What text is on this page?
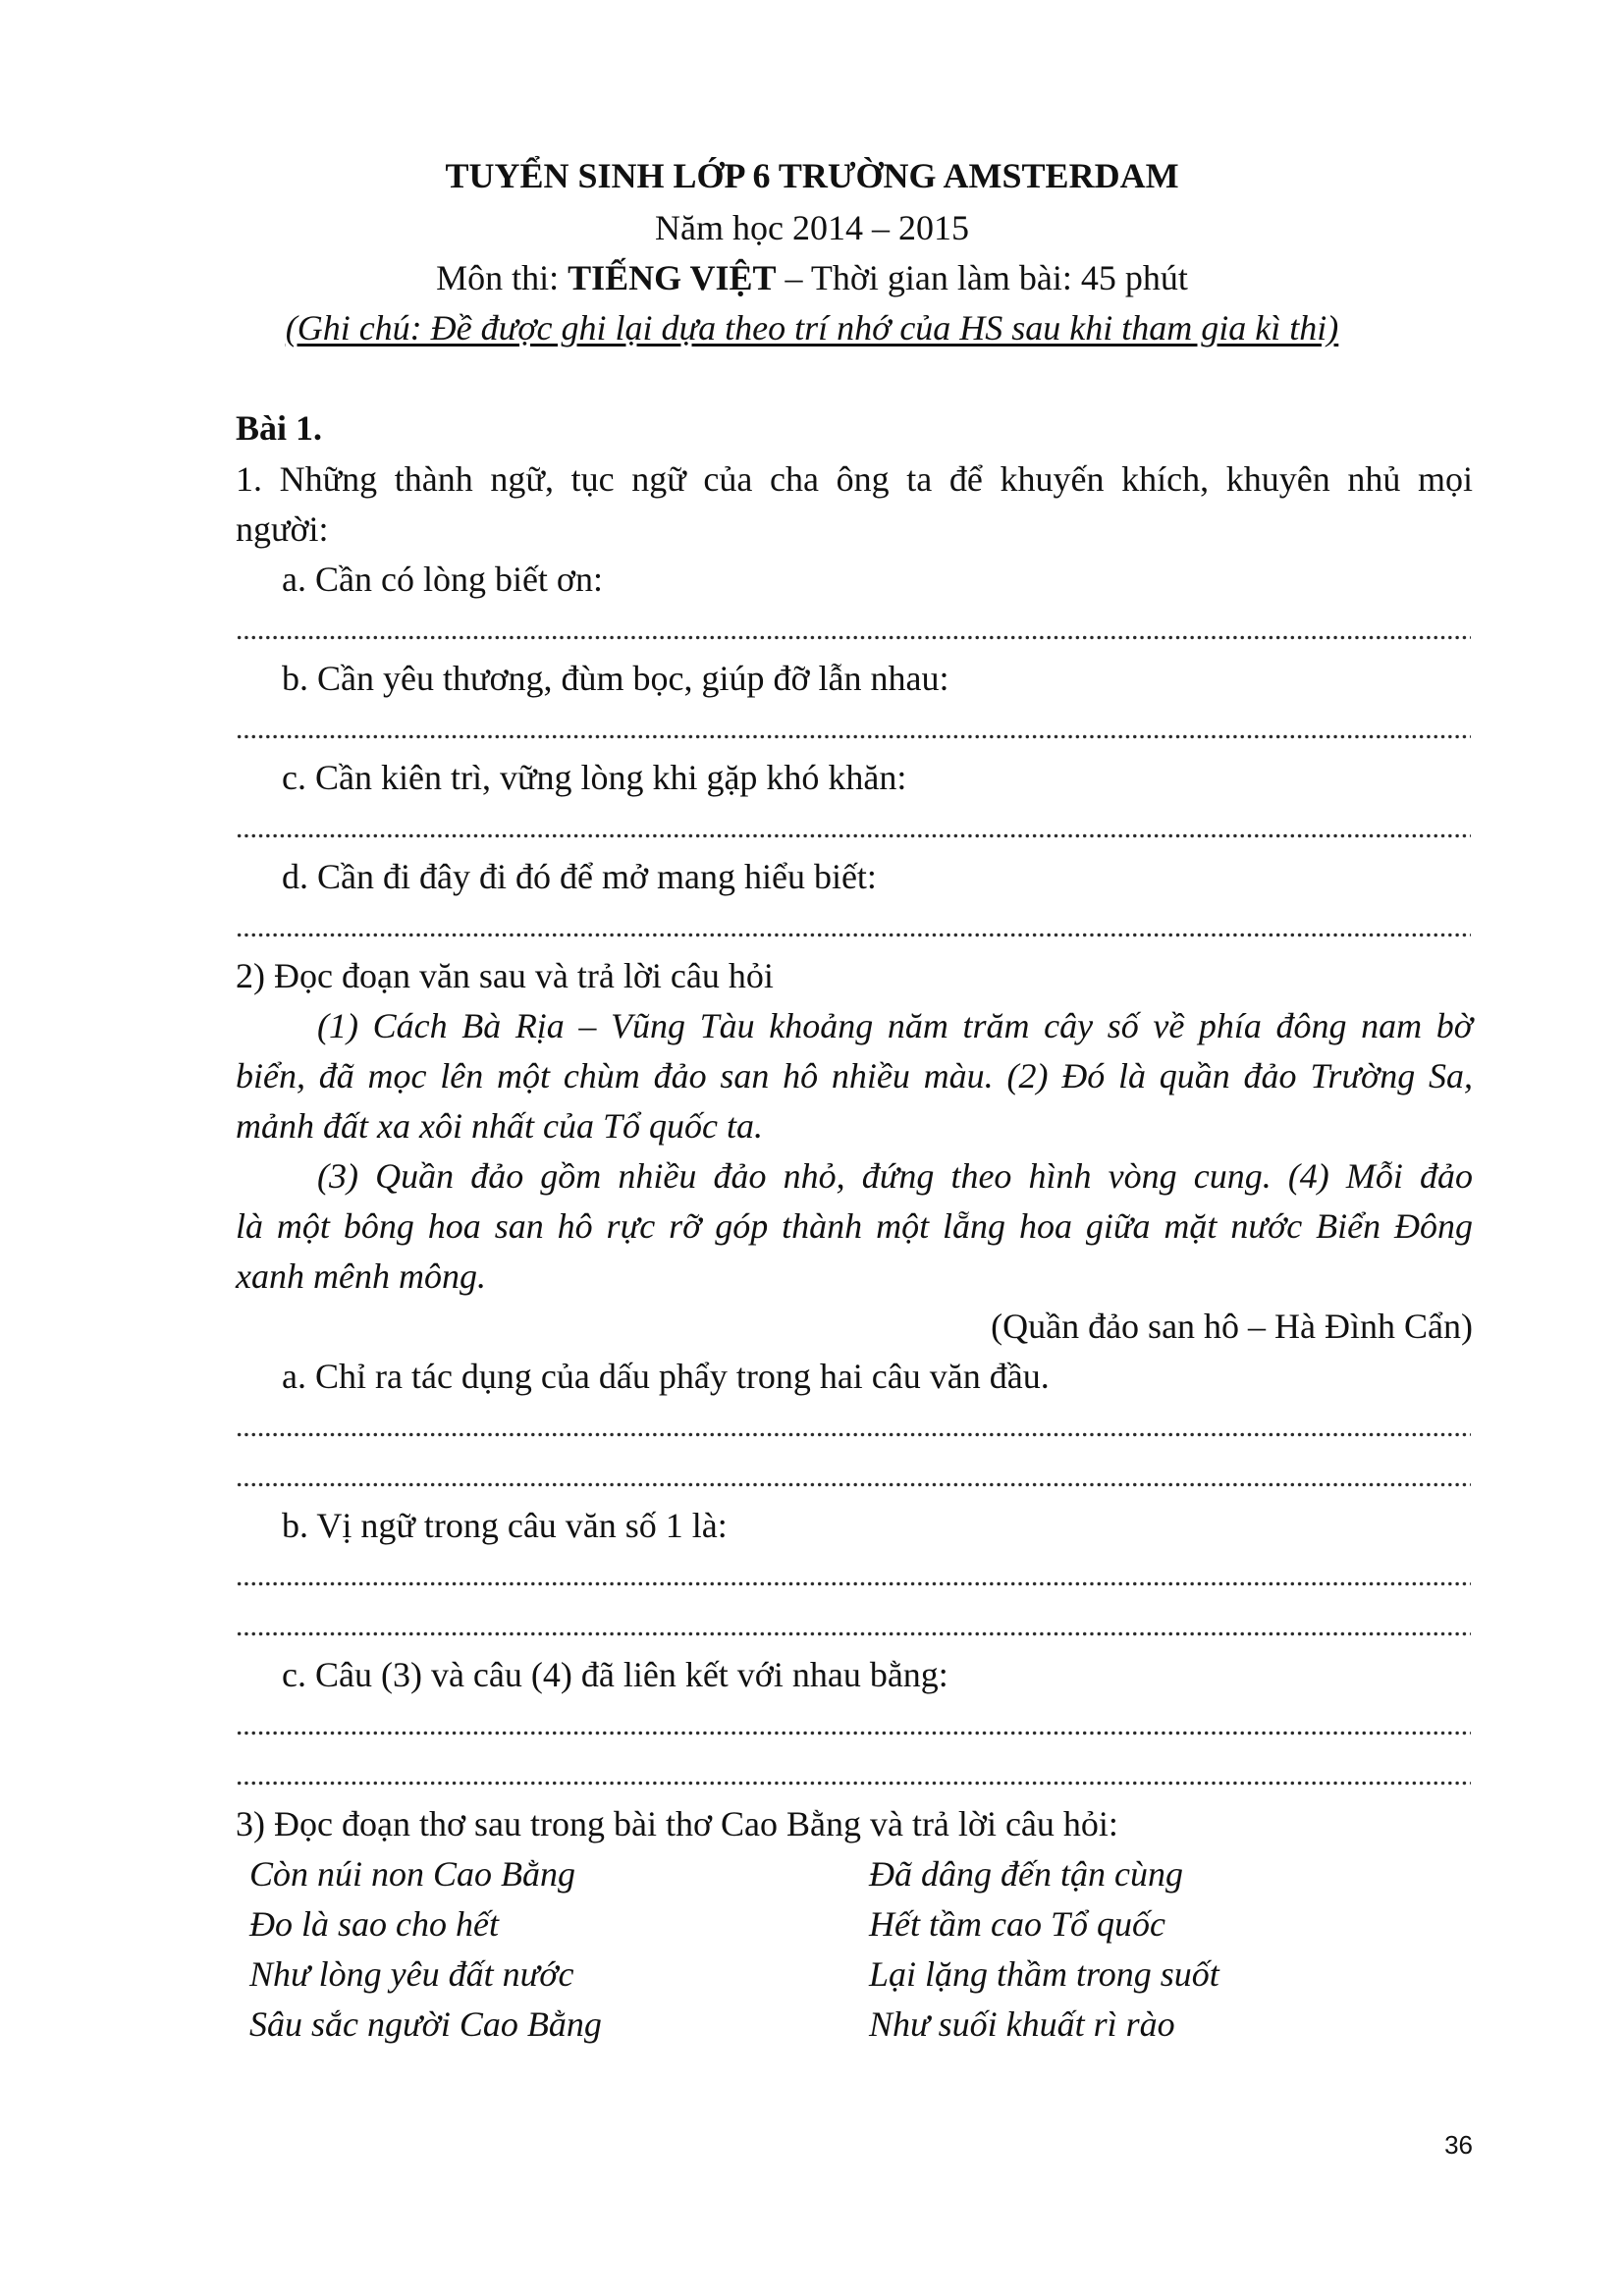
TUYỂN SINH LỚP 6 TRƯỜNG AMSTERDAM
Năm học 2014 – 2015
Môn thi: TIẾNG VIỆT – Thời gian làm bài: 45 phút
(Ghi chú: Đề được ghi lại dựa theo trí nhớ của HS sau khi tham gia kì thi)
Bài 1.
1. Những thành ngữ, tục ngữ của cha ông ta để khuyến khích, khuyên nhủ mọi
người:
a. Cần có lòng biết ơn:
b. Cần yêu thương, đùm bọc, giúp đỡ lẫn nhau:
c. Cần kiên trì, vững lòng khi gặp khó khăn:
d. Cần đi đây đi đó để mở mang hiểu biết:
2) Đọc đoạn văn sau và trả lời câu hỏi
(1) Cách Bà Rịa – Vũng Tàu khoảng năm trăm cây số về phía đông nam bờ
biển, đã mọc lên một chùm đảo san hô nhiều màu. (2) Đó là quần đảo Trường Sa,
mảnh đất xa xôi nhất của Tổ quốc ta.
(3) Quần đảo gồm nhiều đảo nhỏ, đứng theo hình vòng cung. (4) Mỗi đảo
là một bông hoa san hô rực rỡ góp thành một lẵng hoa giữa mặt nước Biển Đông
xanh mênh mông.
(Quần đảo san hô – Hà Đình Cẩn)
a. Chỉ ra tác dụng của dấu phẩy trong hai câu văn đầu.
b. Vị ngữ trong câu văn số 1 là:
c. Câu (3) và câu (4) đã liên kết với nhau bằng:
3) Đọc đoạn thơ sau trong bài thơ Cao Bằng và trả lời câu hỏi:
Còn núi non Cao Bằng
Đo là sao cho hết
Như lòng yêu đất nước
Sâu sắc người Cao Bằng
Đã dâng đến tận cùng
Hết tầm cao Tổ quốc
Lại lặng thầm trong suốt
Như suối khuất rì rào
36
